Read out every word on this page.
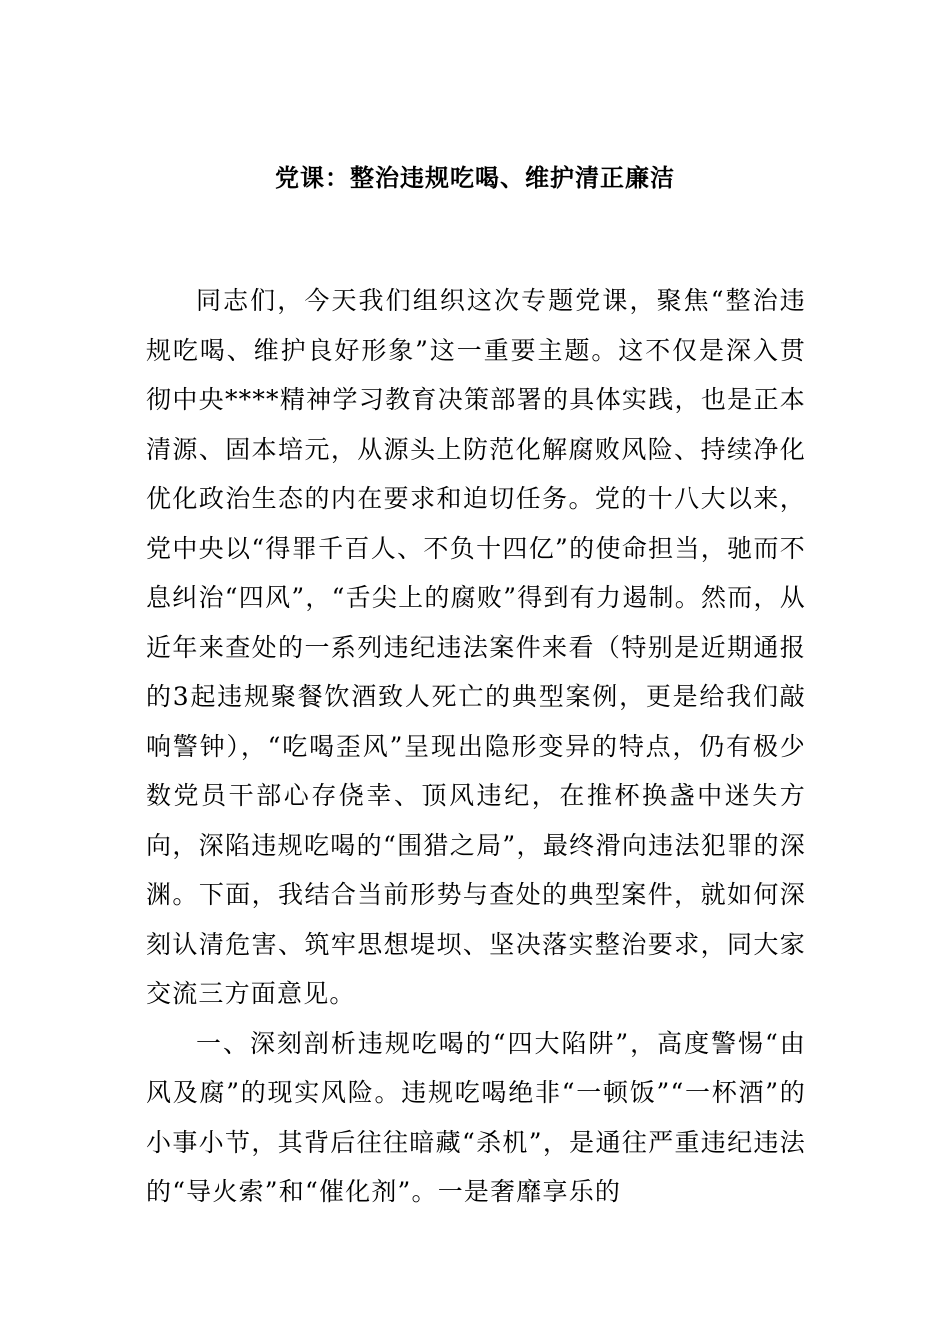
党课：整治违规吃喝、维护清正廉洁

同志们，今天我们组织这次专题党课，聚焦“整治违规吃喝、维护良好形象”这一重要主题。这不仅是深入贯彻中央****精神学习教育决策部署的具体实践，也是正本清源、固本培元，从源头上防范化解腐败风险、持续净化优化政治生态的内在要求和迫切任务。党的十八大以来，党中央以“得罪千百人、不负十四亿”的使命担当，驰而不息纠治“四风”，“舌尖上的腐败”得到有力遏制。然而，从近年来查处的一系列违纪违法案件来看（特别是近期通报的3起违规聚餐饮酒致人死亡的典型案例，更是给我们敲响警钟），“吃喝歪风”呈现出隐形变异的特点，仍有极少数党员干部心存侥幸、顶风违纪，在推杯换盏中迷失方向，深陷违规吃喝的“围猎之局”，最终滑向违法犯罪的深渊。下面，我结合当前形势与查处的典型案件，就如何深刻认清危害、筑牢思想堤坝、坚决落实整治要求，同大家交流三方面意见。

一、深刻剖析违规吃喝的“四大陷阱”，高度警惕“由风及腐”的现实风险。违规吃喝绝非“一顿饭”“一杯酒”的小事小节，其背后往往暗藏“杀机”，是通往严重违纪违法的“导火索”和“催化剂”。一是奢靡享乐的
